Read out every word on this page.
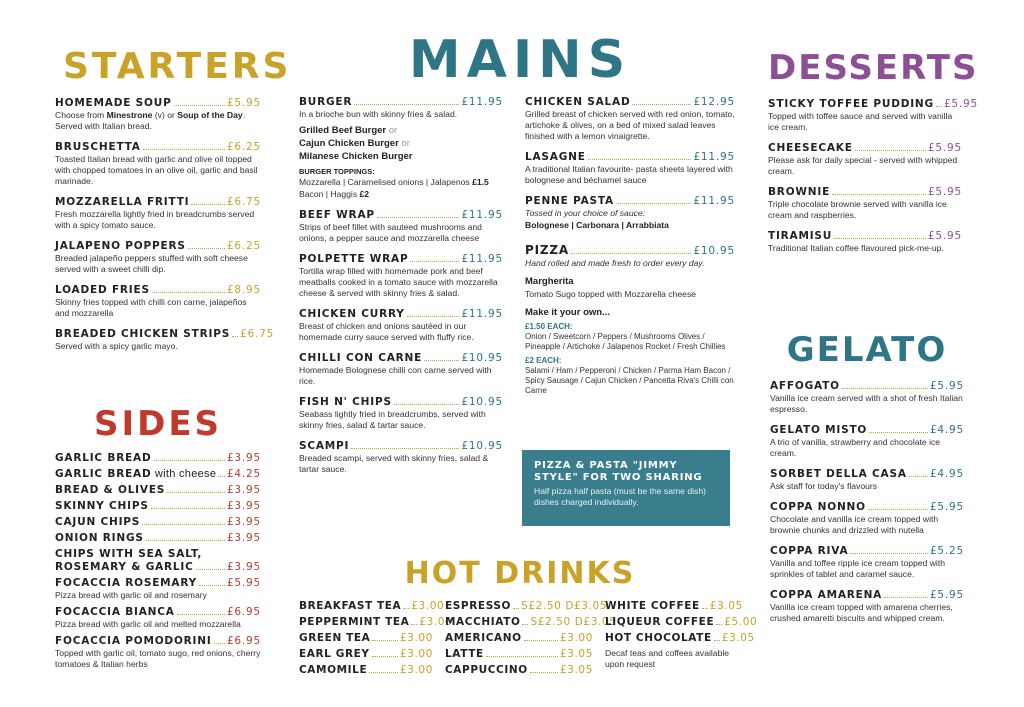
STARTERS
HOMEMADE SOUP	£5.95
Choose from Minestrone (v) or Soup of the Day. Served with Italian bread.
BRUSCHETTA	£6.25
Toasted Italian bread with garlic and olive oil topped with chopped tomatoes in an olive oil, garlic and basil marinade.
MOZZARELLA FRITTI	£6.75
Fresh mozzarella lightly fried in breadcrumbs served with a spicy tomato sauce.
JALAPENO POPPERS	£6.25
Breaded jalapeño peppers stuffed with soft cheese served with a sweet chilli dip.
LOADED FRIES	£8.95
Skinny fries topped with chilli con carne, jalapeños and mozzarella
BREADED CHICKEN STRIPS £6.75
Served with a spicy garlic mayo.
SIDES
GARLIC BREAD	£3.95
GARLIC BREAD with cheese £4.25
BREAD & OLIVES	£3.95
SKINNY CHIPS	£3.95
CAJUN CHIPS	£3.95
ONION RINGS	£3.95
CHIPS WITH SEA SALT,
ROSEMARY & GARLIC	£3.95
FOCACCIA ROSEMARY	£5.95
Pizza bread with garlic oil and rosemary
FOCACCIA BIANCA	£6.95
Pizza bread with garlic oil and melted mozzarella
FOCACCIA POMODORINI £6.95
Topped with garlic oil, tomato sugo, red onions, cherry tomatoes & Italian herbs
MAINS
BURGER	£11.95
In a brioche bun with skinny fries & salad.
Grilled Beef Burger or
Cajun Chicken Burger or
Milanese Chicken Burger
BURGER TOPPINGS:
Mozzarella | Caramelised onions | Jalapenos £1.5
Bacon | Haggis £2
BEEF WRAP	£11.95
Strips of beef fillet with sauteed mushrooms and onions, a pepper sauce and mozzarella cheese
POLPETTE WRAP	£11.95
Tortilla wrap filled with homemade pork and beef meatballs cooked in a tomato sauce with mozzarella cheese & served with skinny fries & salad.
CHICKEN CURRY	£11.95
Breast of chicken and onions sautéed in our homemade curry sauce served with fluffy rice.
CHILLI CON CARNE	£10.95
Homemade Bolognese chilli con carne served with rice.
FISH N' CHIPS	£10.95
Seabass lightly fried in breadcrumbs, served with skinny fries, salad & tartar sauce.
SCAMPI	£10.95
Breaded scampi, served with skinny fries, salad & tartar sauce.
CHICKEN SALAD	£12.95
Grilled breast of chicken served with red onion, tomato, artichoke & olives, on a bed of mixed salad leaves finished with a lemon vinaigrette.
LASAGNE	£11.95
A traditional Italian favourite- pasta sheets layered with bolognese and béchamel sauce
PENNE PASTA	£11.95
Tossed in your choice of sauce:
Bolognese | Carbonara | Arrabbiata
PIZZA	£10.95
Hand rolled and made fresh to order every day.
Margherita
Tomato Sugo topped with Mozzarella cheese
Make it your own...
£1.50 EACH:
Onion / Sweetcorn / Peppers / Mushrooms Olives / Pineapple / Artichoke / Jalapenos Rocket / Fresh Chillies
£2 EACH:
Salami / Ham / Pepperoni / Chicken / Parma Ham Bacon / Spicy Sausage / Cajun Chicken / Pancetta Riva's Chilli con Carne
PIZZA & PASTA "JIMMY STYLE" FOR TWO SHARING
Half pizza half pasta (must be the same dish) dishes charged individually.
HOT DRINKS
BREAKFAST TEA £3.00
PEPPERMINT TEA £3.00
GREEN TEA	£3.00
EARL GREY	£3.00
CAMOMILE	£3.00
ESPRESSO S£2.50 D£3.05
MACCHIATO S£2.50 D£3.05
AMERICANO	£3.00
LATTE	£3.05
CAPPUCCINO	£3.05
WHITE COFFEE £3.05
LIQUEUR COFFEE £5.00
HOT CHOCOLATE £3.05
Decaf teas and coffees available upon request
DESSERTS
STICKY TOFFEE PUDDING £5.95
Topped with toffee sauce and served with vanilla ice cream.
CHEESECAKE	£5.95
Please ask for daily special - served with whipped cream.
BROWNIE	£5.95
Triple chocolate brownie served with vanilla ice cream and raspberries.
TIRAMISU	£5.95
Traditional Italian coffee flavoured pick-me-up.
GELATO
AFFOGATO	£5.95
Vanilla ice cream served with a shot of fresh Italian espresso.
GELATO MISTO	£4.95
A trio of vanilla, strawberry and chocolate ice cream.
SORBET DELLA CASA £4.95
Ask staff for today's flavours
COPPA NONNO	£5.95
Chocolate and vanilla ice cream topped with brownie chunks and drizzled with nutella
COPPA RIVA	£5.25
Vanilla and toffee ripple ice cream topped with sprinkles of tablet and caramel sauce.
COPPA AMARENA	£5.95
Vanilla ice cream topped with amarena cherries, crushed amaretti biscuits and whipped cream.
